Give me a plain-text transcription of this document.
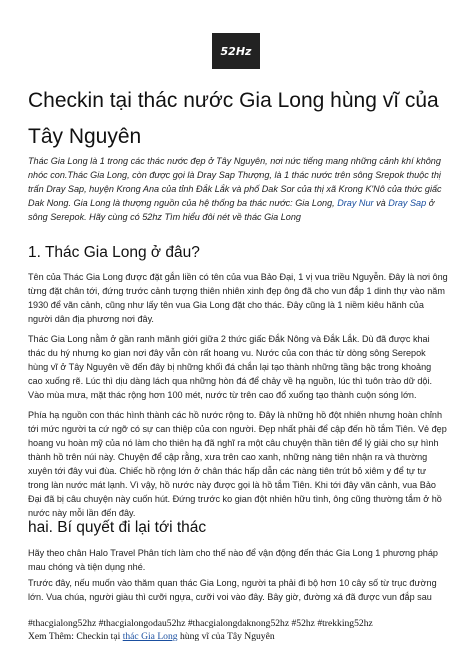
52Hz
Checkin tại thác nước Gia Long hùng vĩ của Tây Nguyên

Thác Gia Long là 1 trong các thác nước đẹp ở Tây Nguyên, nơi nức tiếng mang những cảnh khí không nhóc con.Thác Gia Long, còn được gọi là Dray Sap Thượng, là 1 thác nước trên sông Srepok thuộc thị trấn Dray Sap, huyện Krong Ana của tỉnh Đắk Lắk và phố Dak Sor của thị xã Krong K'Nô của thức giấc Dak Nong. Gia Long là thượng nguồn của hệ thống ba thác nước: Gia Long, Dray Nur và Dray Sap ở sông Serepok. Hãy cùng có 52hz Tìm hiểu đôi nét về thác Gia Long

1. Thác Gia Long ở đâu?

Tên của Thác Gia Long được đặt gắn liền có tên của vua Bảo Đại, 1 vị vua triều Nguyễn. Đây là nơi ông từng đặt chân tới, đứng trước cảnh tượng thiên nhiên xinh đẹp ông đã cho vun đắp 1 dinh thự vào năm 1930 để vãn cảnh, cũng như lấy tên vua Gia Long đặt cho thác. Đây cũng là 1 niềm kiêu hãnh của người dân địa phương nơi đây.

Thác Gia Long nằm ở gần ranh mãnh giới giữa 2 thức giấc Đắk Nông và Đắk Lắk. Dù đã được khai thác du hý nhưng ko gian nơi đây vẫn còn rất hoang vu. Nước của con thác từ dòng sông Serepok hùng vĩ ở Tây Nguyên về đến đây bị những khối đá chắn lại tạo thành những tầng bậc trong khoảng cao xuống rẽ. Lúc thì dịu dàng lách qua những hòn đá để chảy về hạ nguồn, lúc thì tuôn trào dữ dội. Vào mùa mưa, mặt thác rộng hơn 100 mét, nước từ trên cao đổ xuống tạo thành cuộn sóng lớn.

Phía hạ nguồn con thác hình thành các hồ nước rộng to. Đây là những hồ đột nhiên nhưng hoàn chỉnh tới mức người ta cứ ngỡ có sự can thiệp của con người. Đẹp nhất phải để cập đến hồ tắm Tiên. Vẻ đẹp hoang vu hoàn mỹ của nó làm cho thiên hạ đã nghĩ ra một câu chuyện thần tiên để lý giải cho sự hình thành hồ trên núi này. Chuyện để cập rằng, xưa trên cao xanh, những nàng tiên nhận ra và thường xuyên tới đây vui đùa. Chiếc hồ rộng lớn ở chân thác hấp dẫn các nàng tiên trút bỏ xiêm y để tự tư trong làn nước mát lạnh. Vì vậy, hồ nước này được gọi là hồ tắm Tiên. Khi tới đây vãn cảnh, vua Bảo Đại đã bị câu chuyện này cuốn hút. Đứng trước ko gian đột nhiên hữu tình, ông cũng thường tắm ở hồ nước này mỗi lần đến đây.

hai. Bí quyết đi lại tới thác

Hãy theo chân Halo Travel Phân tích làm cho thế nào để vận động đến thác Gia Long 1 phương pháp mau chóng và tiện dụng nhé.

Trước đây, nếu muốn vào thăm quan thác Gia Long, người ta phải đi bộ hơn 10 cây số từ trục đường lớn. Vua chúa, người giàu thì cưỡi ngựa, cưỡi voi vào đây. Bây giờ, đường xá đã được vun đắp sau

#thacgialong52hz #thacgialongodau52hz #thacgialongdaknong52hz #52hz #trekking52hz
Xem Thêm: Checkin tại thác Gia Long hùng vĩ của Tây Nguyên
